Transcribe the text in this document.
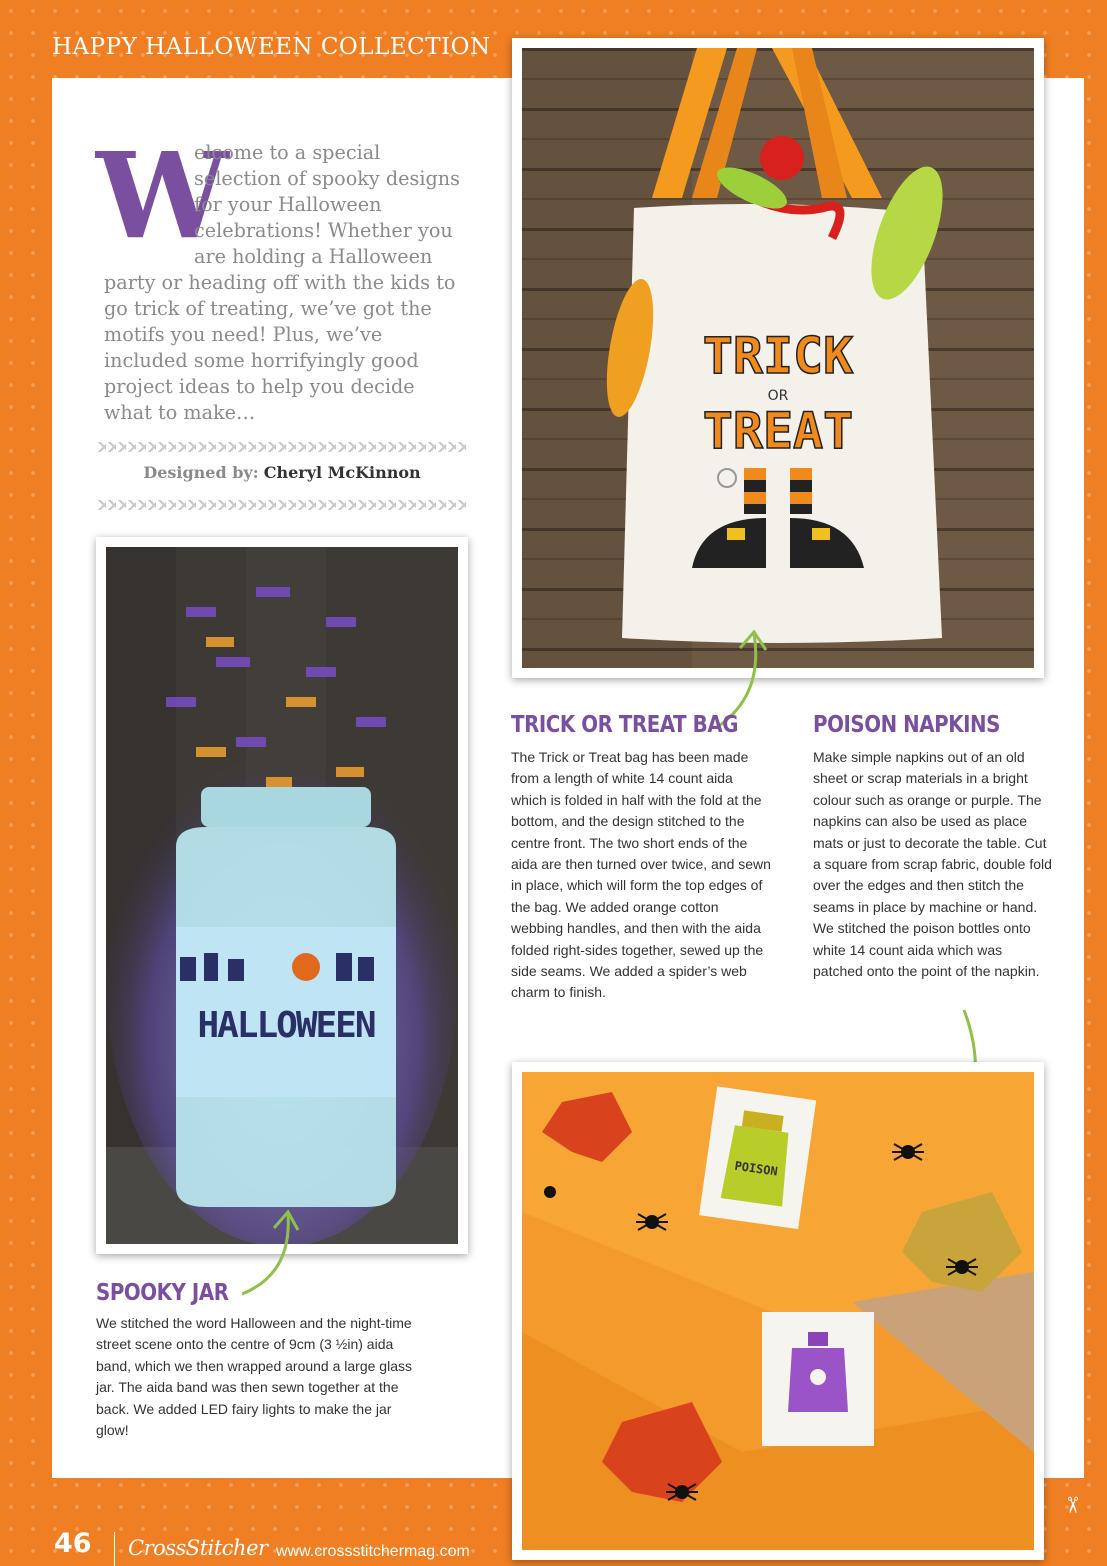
HAPPY HALLOWEEN COLLECTION
W
elcome to a special selection of spooky designs for your Halloween celebrations! Whether you are holding a Halloween party or heading off with the kids to go trick of treating, we’ve got the motifs you need! Plus, we’ve included some horrifyingly good project ideas to help you decide what to make…
Designed by: Cheryl McKinnon
TRICK
OR
TREAT
TRICK OR TREAT BAG
The Trick or Treat bag has been made from a length of white 14 count aida which is folded in half with the fold at the bottom, and the design stitched to the centre front. The two short ends of the aida are then turned over twice, and sewn in place, which will form the top edges of the bag. We added orange cotton webbing handles, and then with the aida folded right-sides together, sewed up the side seams. We added a spider’s web charm to finish.
POISON NAPKINS
Make simple napkins out of an old sheet or scrap materials in a bright colour such as orange or purple. The napkins can also be used as place mats or just to decorate the table. Cut a square from scrap fabric, double fold over the edges and then stitch the seams in place by machine or hand. We stitched the poison bottles onto white 14 count aida which was patched onto the point of the napkin.
HALLOWEEN
SPOOKY JAR
We stitched the word Halloween and the night-time street scene onto the centre of 9cm (3 ½in) aida band, which we then wrapped around a large glass jar. The aida band was then sewn together at the back. We added LED fairy lights to make the jar glow!
POISON
46 CrossStitcher www.crossstitchermag.com
✂
